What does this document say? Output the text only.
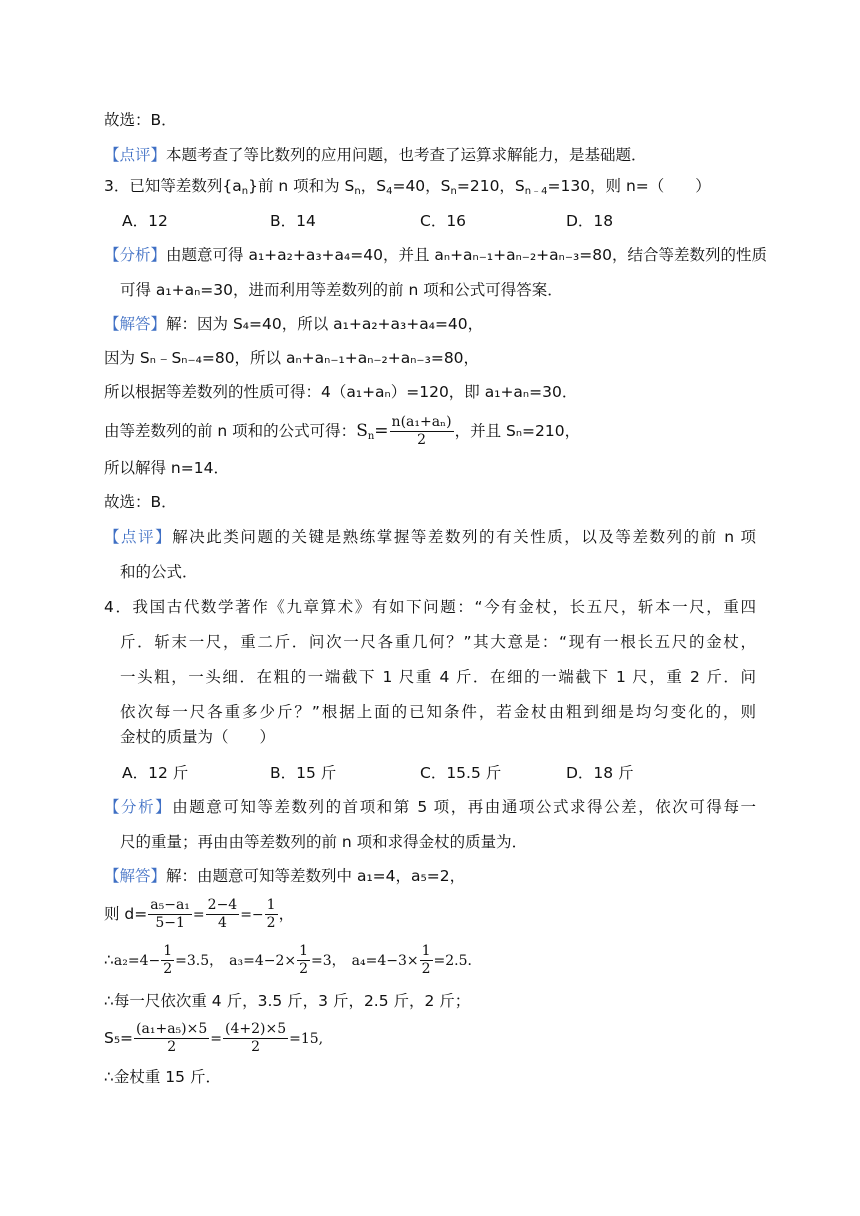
故选：B．
【点评】本题考查了等比数列的应用问题，也考查了运算求解能力，是基础题．
3．已知等差数列$\{a_n\}$前 n 项和为 $S_n$，$S_4=40$，$S_n=210$，$S_{n﹣4}=130$，则 n=（　　）
A．12	B．14	C．16	D．18
【分析】由题意可得 a₁+a₂+a₃+a₄=40，并且 aₙ+aₙ₋₁+aₙ₋₂+aₙ₋₃=80，结合等差数列的性质
可得 a₁+aₙ=30，进而利用等差数列的前 n 项和公式可得答案．
【解答】解：因为 S₄=40，所以 a₁+a₂+a₃+a₄=40，
因为 Sₙ﹣Sₙ₋₄=80，所以 aₙ+aₙ₋₁+aₙ₋₂+aₙ₋₃=80，
所以根据等差数列的性质可得：4（a₁+aₙ）=120，即 a₁+aₙ=30．
由等差数列的前 n 项和的公式可得：$S_n= \frac{\text{n(a₁+aₙ)}}{2}$ ，并且 Sₙ=210，
所以解得 n=14．
故选：B．
【点评】解决此类问题的关键是熟练掌握等差数列的有关性质，以及等差数列的前 n 项
和的公式．
4．我国古代数学著作《九章算术》有如下问题：“今有金杖，长五尺，斩本一尺，重四
斤．斩末一尺，重二斤．问次一尺各重几何？”其大意是：“现有一根长五尺的金杖，
一头粗，一头细．在粗的一端截下 1 尺重 4 斤．在细的一端截下 1 尺，重 2 斤．问
依次每一尺各重多少斤？”根据上面的已知条件，若金杖由粗到细是均匀变化的，则
金杖的质量为（　　）
A．12 斤	B．15 斤	C．15.5 斤	D．18 斤
【分析】由题意可知等差数列的首项和第 5 项，再由通项公式求得公差，依次可得每一
尺的重量；再由由等差数列的前 n 项和求得金杖的质量为．
【解答】解：由题意可知等差数列中 a₁=4，a₅=2，
则 $d= \frac{\text{a₅−a₁}}{5-1} = \frac{2-4}{4} =- \frac{1}{2}$ ，
∴a₂=4− $\frac{1}{2} =3.5$， $a_3=4-2\times \frac{1}{2} =3$， $a_4=4-3\times \frac{1}{2} =2.5$．
∴每一尺依次重 4 斤，3.5 斤，3 斤，2.5 斤，2 斤；
$S_5= \frac{\text{(a₁+a₅)×5}}{2} = \frac{(4+2)\times 5}{2} =15$,
∴金杖重 15 斤．
